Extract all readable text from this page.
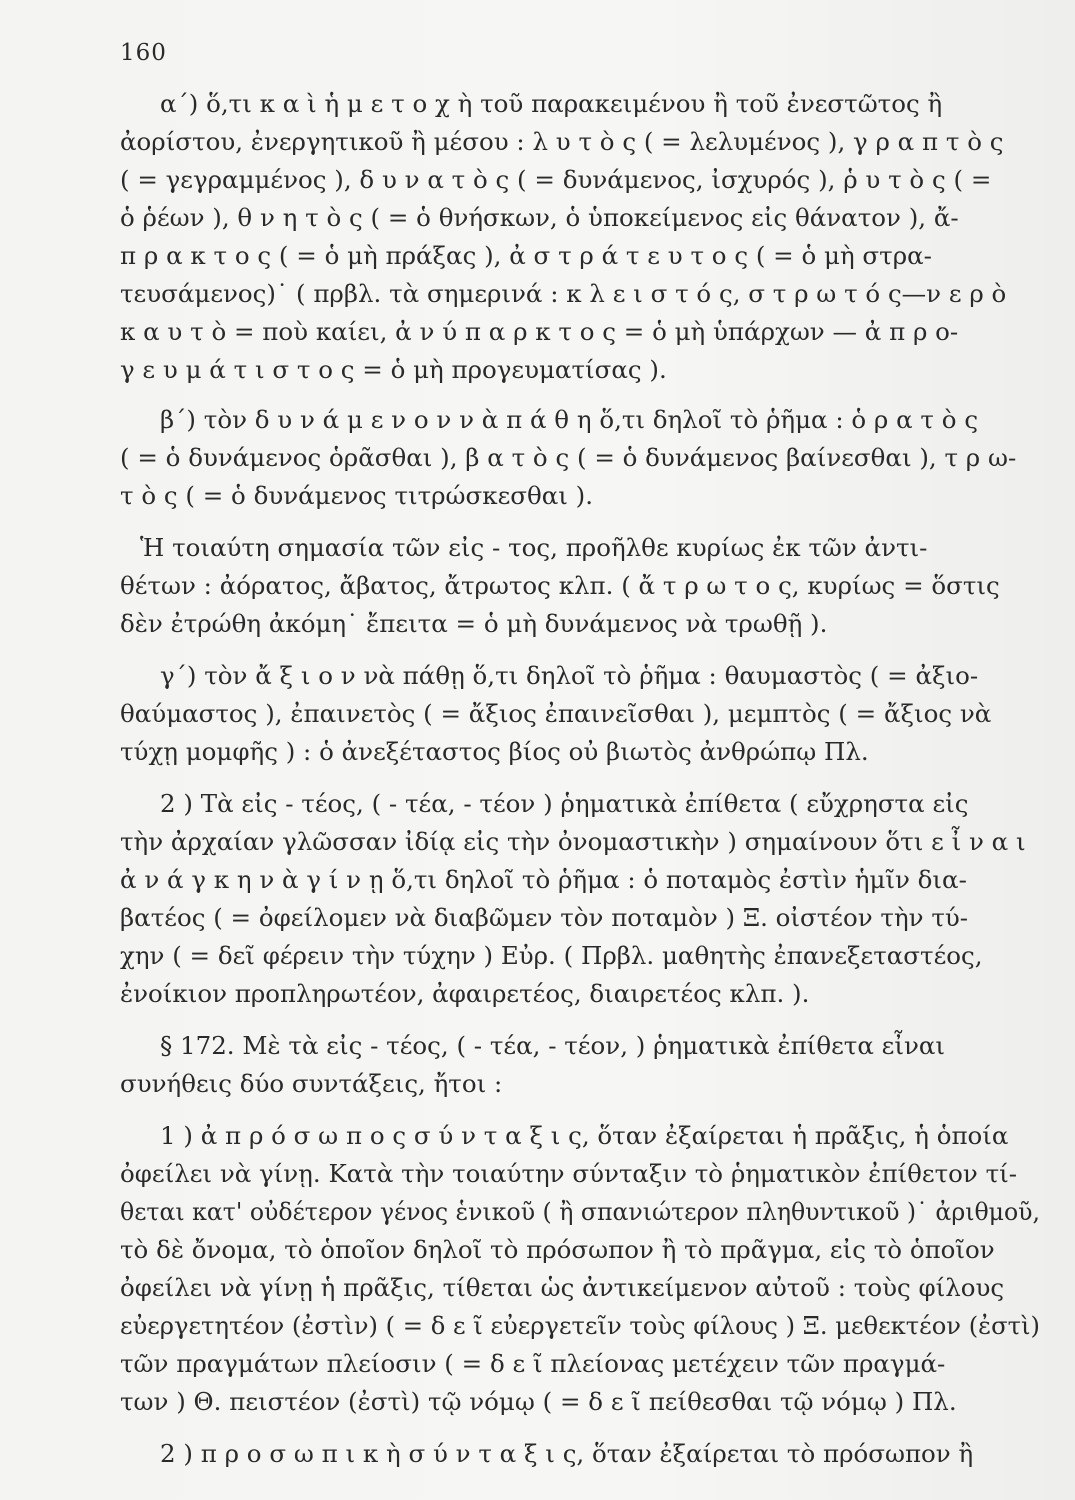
160
α΄) ὅ,τι κ α ὶ ἡ μ ε τ ο χ ὴ τοῦ παρακειμένου ἢ τοῦ ἐνεστῶτος ἢ
ἀορίστου, ἐνεργητικοῦ ἢ μέσου : λ υ τ ὸ ς ( = λελυμένος ), γ ρ α π τ ὸ ς
( = γεγραμμένος ), δ υ ν α τ ὸ ς ( = δυνάμενος, ἰσχυρός ), ῥ υ τ ὸ ς ( =
ὁ ῥέων ), θ ν η τ ὸ ς ( = ὁ θνήσκων, ὁ ὑποκείμενος εἰς θάνατον ), ἄ-
π ρ α κ τ ο ς ( = ὁ μὴ πράξας ), ἀ σ τ ρ ά τ ε υ τ ο ς ( = ὁ μὴ στρα-
τευσάμενος)˙ ( πρβλ. τὰ σημερινά : κ λ ε ι σ τ ό ς, σ τ ρ ω τ ό ς—ν ε ρ ὸ
κ α υ τ ὸ = ποὺ καίει, ἀ ν ύ π α ρ κ τ ο ς = ὁ μὴ ὑπάρχων — ἀ π ρ ο-
γ ε υ μ ά τ ι σ τ ο ς = ὁ μὴ προγευματίσας ).
β΄) τὸν δ υ ν ά μ ε ν ο ν ν ὰ π ά θ η ὅ,τι δηλοῖ τὸ ῥῆμα : ὁ ρ α τ ὸ ς
( = ὁ δυνάμενος ὁρᾶσθαι ), β α τ ὸ ς ( = ὁ δυνάμενος βαίνεσθαι ), τ ρ ω-
τ ὸ ς ( = ὁ δυνάμενος τιτρώσκεσθαι ).
Ἡ τοιαύτη σημασία τῶν εἰς - τος, προῆλθε κυρίως ἐκ τῶν ἀντι-
θέτων : ἀόρατος, ἄβατος, ἄτρωτος κλπ. ( ἄ τ ρ ω τ ο ς, κυρίως = ὅστις
δὲν ἐτρώθη ἀκόμη˙ ἔπειτα = ὁ μὴ δυνάμενος νὰ τρωθῇ ).
γ΄) τὸν ἄ ξ ι ο ν νὰ πάθῃ ὅ,τι δηλοῖ τὸ ῥῆμα : θαυμαστὸς ( = ἀξιο-
θαύμαστος ), ἐπαινετὸς ( = ἄξιος ἐπαινεῖσθαι ), μεμπτὸς ( = ἄξιος νὰ
τύχῃ μομφῆς ) : ὁ ἀνεξέταστος βίος οὐ βιωτὸς ἀνθρώπῳ Πλ.
2 ) Τὰ εἰς - τέος, ( - τέα, - τέον ) ῥηματικὰ ἐπίθετα ( εὔχρηστα εἰς
τὴν ἀρχαίαν γλῶσσαν ἰδίᾳ εἰς τὴν ὀνομαστικὴν ) σημαίνουν ὅτι ε ἶ ν α ι
ἀ ν ά γ κ η ν ὰ γ ί ν ῃ ὅ,τι δηλοῖ τὸ ῥῆμα : ὁ ποταμὸς ἐστὶν ἡμῖν δια-
βατέος ( = ὀφείλομεν νὰ διαβῶμεν τὸν ποταμὸν ) Ξ. οἰστέον τὴν τύ-
χην ( = δεῖ φέρειν τὴν τύχην ) Εὐρ. ( Πρβλ. μαθητὴς ἐπανεξεταστέος,
ἐνοίκιον προπληρωτέον, ἀφαιρετέος, διαιρετέος κλπ. ).
§ 172. Μὲ τὰ εἰς - τέος, ( - τέα, - τέον, ) ῥηματικὰ ἐπίθετα εἶναι
συνήθεις δύο συντάξεις, ἤτοι :
1 ) ἀ π ρ ό σ ω π ο ς σ ύ ν τ α ξ ι ς, ὅταν ἐξαίρεται ἡ πρᾶξις, ἡ ὁποία
ὀφείλει νὰ γίνῃ. Κατὰ τὴν τοιαύτην σύνταξιν τὸ ῥηματικὸν ἐπίθετον τί-
θεται κατ' οὐδέτερον γένος ἑνικοῦ ( ἢ σπανιώτερον πληθυντικοῦ )˙ ἀριθμοῦ,
τὸ δὲ ὄνομα, τὸ ὁποῖον δηλοῖ τὸ πρόσωπον ἢ τὸ πρᾶγμα, εἰς τὸ ὁποῖον
ὀφείλει νὰ γίνῃ ἡ πρᾶξις, τίθεται ὡς ἀντικείμενον αὐτοῦ : τοὺς φίλους
εὐεργετητέον (ἐστὶν) ( = δ ε ῖ εὐεργετεῖν τοὺς φίλους ) Ξ. μεθεκτέον (ἐστὶ)
τῶν πραγμάτων πλείοσιν ( = δ ε ῖ πλείονας μετέχειν τῶν πραγμά-
των ) Θ. πειστέον (ἐστὶ) τῷ νόμῳ ( = δ ε ῖ πείθεσθαι τῷ νόμῳ ) Πλ.
2 ) π ρ ο σ ω π ι κ ὴ σ ύ ν τ α ξ ι ς, ὅταν ἐξαίρεται τὸ πρόσωπον ἢ
